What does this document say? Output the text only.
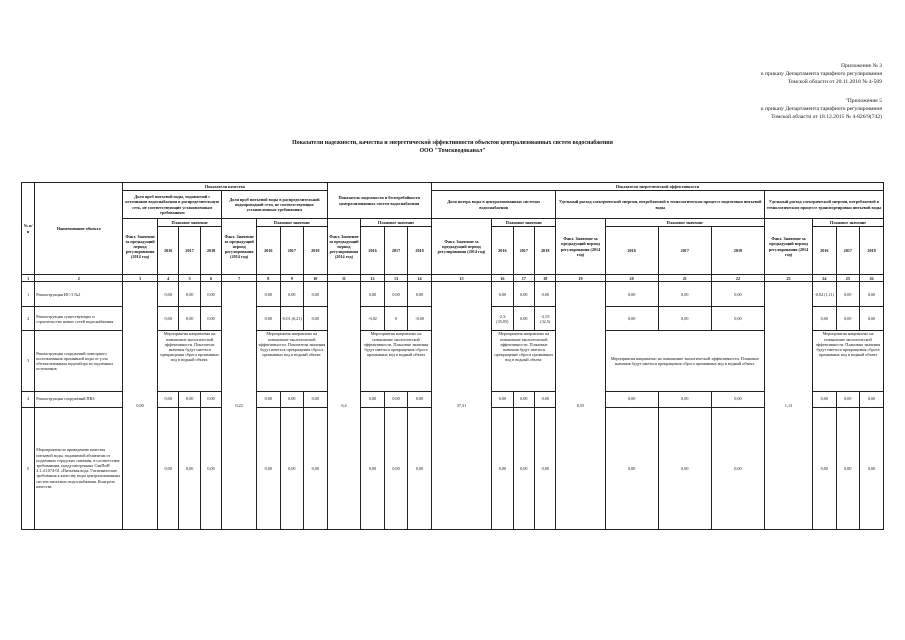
Приложение № 3
к приказу Департамента тарифного регулирования
Томской области от 20.11.2018 № 4-509
"Приложение 5
к приказу Департамента тарифного регулирования
Томской области от 18.12.2015 № 4-826/9(742)
Показатели надежности, качества и энергетической эффективности объектов централизованных систем водоснабжения
ООО "Томскводоканал"
№ п/п	Наименование объекта	Показатели качества								Показатель надежности и бесперебойности централизованных систем водоснабжения				Показатели энергетической эффективности											
		Доля проб питьевой воды, подаваемой с источников водоснабжения в распределительную сеть, не соответствующих установленным требованиям				Доля проб питьевой воды в распределительной водопроводной сети, не соответствующих установленным требованиям								Доля потерь воды в централизованных системах водоснабжения				Удельный расход электрической энергии, потребляемой в технологическом процессе подготовки питьевой воды				Удельный расход электрической энергии, потребляемой в технологическом процессе транспортировки питьевой воды			
		Факт. Значение за предыдущий период регулирования (2014 год)	Плановое значение			Факт. Значение за предыдущий период регулирования (2014 год)	Плановое значение			Факт. Значение за предыдущий период регулирования (2014 год)	Плановое значение			Факт. Значение за предыдущий период регулирования (2014 год)	Плановое значение			Факт. Значение за предыдущий период регулирования (2014 год)	Плановое значение			Факт. Значение за предыдущий период регулирования (2014 год)	Плановое значение		
			2016	2017	2018		2016	2017	2018		2016	2017	2018		2016	2017	2018		2016	2017	2018		2016	2017	2018
1	2	3	4	5	6	7	8	9	10	11	12	13	14	15	16	17	18	19	20	21	22	23	24	25	26
1	Реконструкция ИС-3 №2	0,00	0,00	0,00	0,00	0,22	0,00	0,00	0,00	0,4	0,00	0,00	0,00	37,31	0,00	0,00	0,00	0,55	0,00	0,00	0,00	1,13	-0,02 (1,11)	0,00	0,00
2	Реконструкция существующих и строительство новых сетей водоснабжения		0,00	0,00	0,00		0,00	-0,01 (0,21)	0,00		-0,02	0	-0,00		-2,3- (35,05)	0,00	-2,55 (32,5)		0,00	0,00	0,00		0,00	0,00	0,00
3	Реконструкция сооружений повторного использования промывной воды от узла обезжелезивания водозабора из подземных источников		Мероприятия направлены на повышение экологической эффективности. Показатели значения будут иметься прекращения сброса промывных вод в водный объект.				Мероприятия направлено на повышение экологической эффективности. Показатели значения будут иметься прекращения сброса промывных вод в водный объект.				Мероприятия направлено на повышение экологической эффективности. Плановые значения будут иметься прекращения сброса промывных вод в водный объект				Мероприятия направлено на повышение экологической эффективности. Плановые значения будут иметься прекращение сброса промывных вод в водный объект.				Мероприятия направлено на повышение экологической эффективности. Плановые значения будут иметься прекращения сброса промывных вод в водный объект.				Мероприятия направлено на повышение экологической эффективности. Плановые значения будут иметься прекращения сброса промывных вод в водный объект		
4	Реконструкция сооружений ПВЗ		0,00	0,00	0,00		0,00	0,00	0,00		0,00	0,00	0,00		0,00	0,00	0,00		0,00	0,00	0,00		0,00	0,00	0,00
5	Мероприятия по приведению качества питьевой воды, подаваемой абонентам от подземных городских скважин, в соответствие требованиям, предусмотренных СанПиН 2.1.4.1074-01 «Питьевая вода. Гигиенические требования к качеству воды централизованных систем питьевого водоснабжения. Контроль качества		0,00	0,00	0,00		0,00	0,00	0,00		0,00	0,00	0,00		0,00	0,00	0,00		0,00	0,00	0,00		0,00	0,00	0,00
